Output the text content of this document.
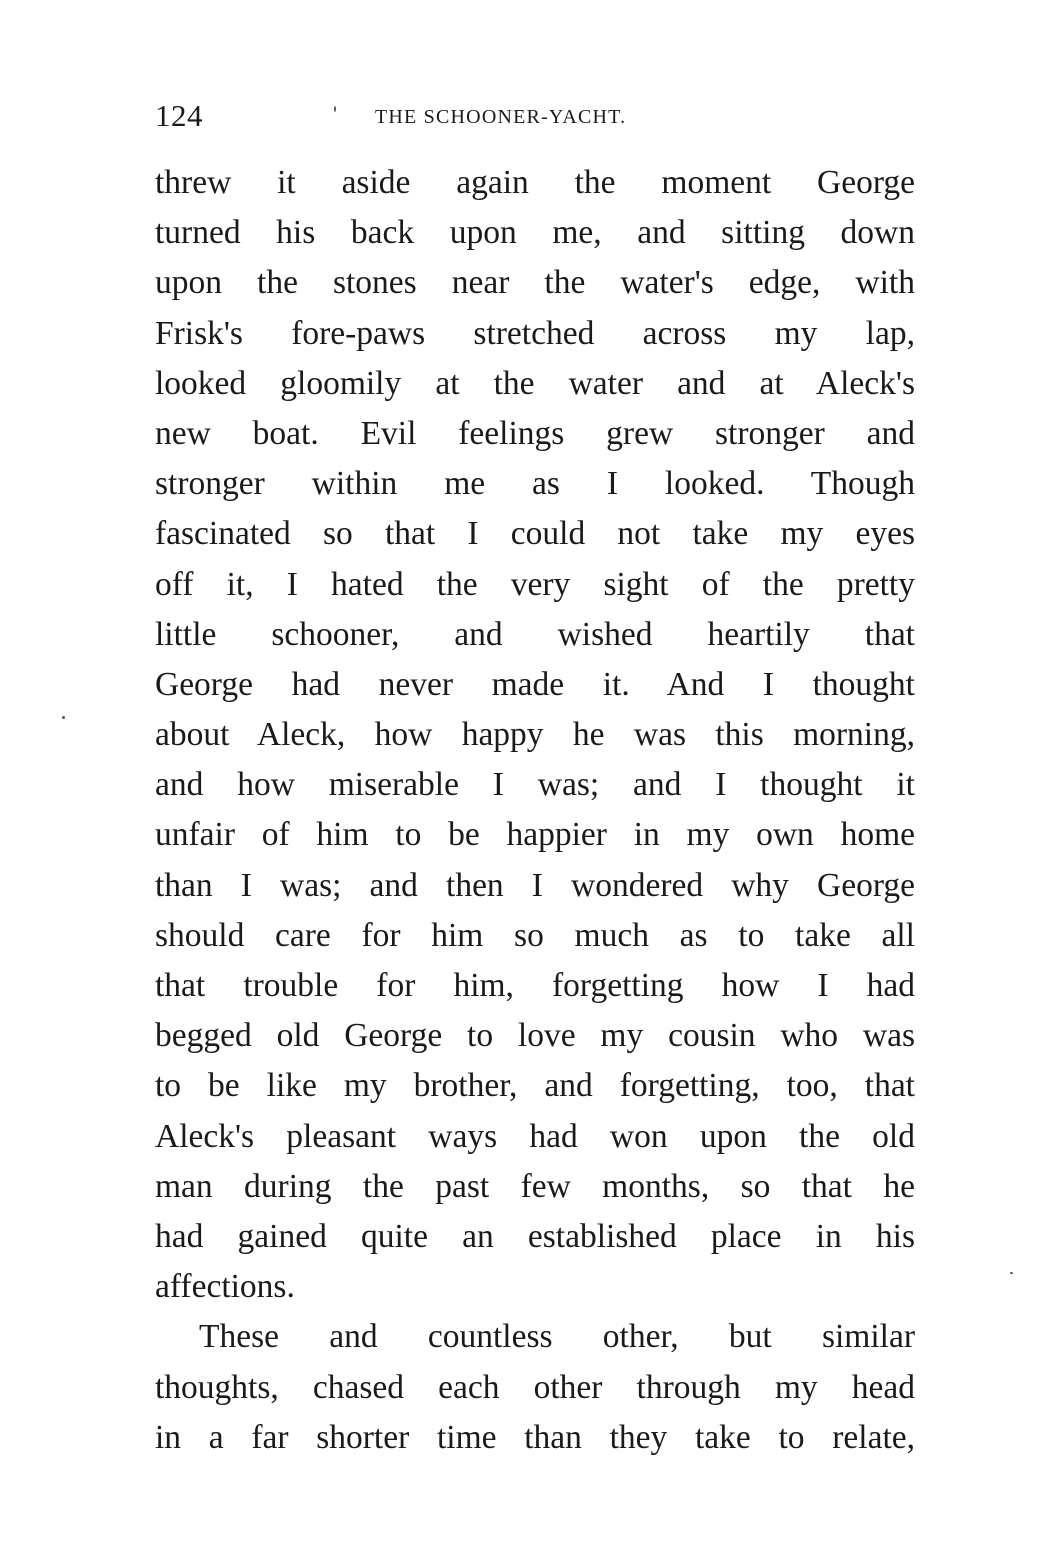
124	THE SCHOONER-YACHT.
threw it aside again the moment George
turned his back upon me, and sitting down
upon the stones near the water's edge, with
Frisk's fore-paws stretched across my lap,
looked gloomily at the water and at Aleck's
new boat. Evil feelings grew stronger and
stronger within me as I looked. Though
fascinated so that I could not take my eyes
off it, I hated the very sight of the pretty
little schooner, and wished heartily that
George had never made it. And I thought
about Aleck, how happy he was this morning,
and how miserable I was; and I thought it
unfair of him to be happier in my own home
than I was; and then I wondered why George
should care for him so much as to take all
that trouble for him, forgetting how I had
begged old George to love my cousin who was
to be like my brother, and forgetting, too, that
Aleck's pleasant ways had won upon the old
man during the past few months, so that he
had gained quite an established place in his
affections.
These and countless other, but similar
thoughts, chased each other through my head
in a far shorter time than they take to relate,
